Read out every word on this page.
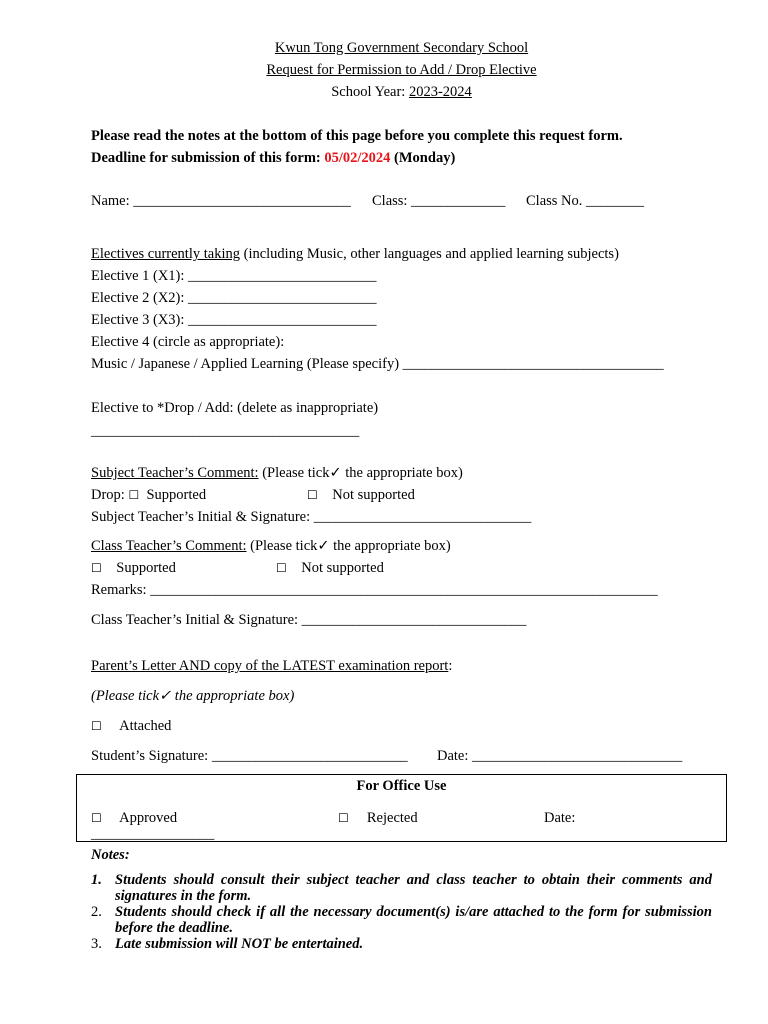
Kwun Tong Government Secondary School
Request for Permission to Add / Drop Elective
School Year: 2023-2024
Please read the notes at the bottom of this page before you complete this request form.
Deadline for submission of this form: 05/02/2024 (Monday)
Name: ______________________________ Class: _____________ Class No. ________
Electives currently taking (including Music, other languages and applied learning subjects)
Elective 1 (X1): __________________________
Elective 2 (X2): __________________________
Elective 3 (X3): __________________________
Elective 4 (circle as appropriate):
Music / Japanese / Applied Learning (Please specify) ____________________________________
Elective to *Drop / Add: (delete as inappropriate)
_____________________________________
Subject Teacher’s Comment: (Please tick✓ the appropriate box)
Drop: ☐ Supported	☐ Not supported
Subject Teacher’s Initial & Signature: ______________________________
Class Teacher’s Comment: (Please tick✓ the appropriate box)
☐ Supported	☐ Not supported
Remarks: ______________________________________________________________________
Class Teacher’s Initial & Signature: _______________________________
Parent’s Letter AND copy of the LATEST examination report:
(Please tick✓ the appropriate box)
☐ Attached
Student’s Signature: ___________________________ Date: _____________________________
For Office Use
☐ Approved	☐ Rejected	Date:
_________________
Notes:
1. Students should consult their subject teacher and class teacher to obtain their comments and signatures in the form.
2. Students should check if all the necessary document(s) is/are attached to the form for submission before the deadline.
3. Late submission will NOT be entertained.
